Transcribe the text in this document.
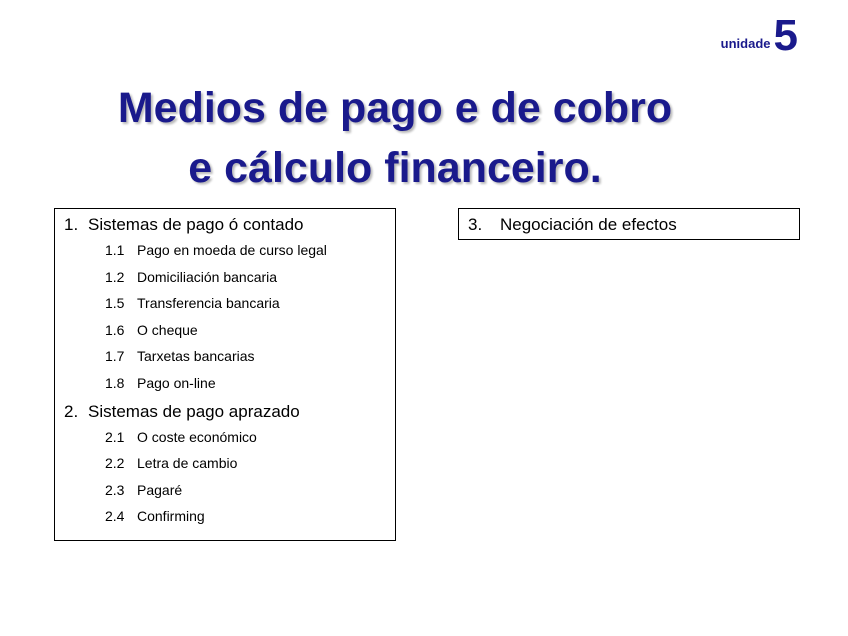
unidade 5
Medios de pago e de cobro
e cálculo financeiro.
1. Sistemas de pago ó contado
1.1 Pago en moeda de curso legal
1.2 Domiciliación bancaria
1.5 Transferencia bancaria
1.6 O cheque
1.7 Tarxetas bancarias
1.8 Pago on-line
2. Sistemas de pago aprazado
2.1 O coste económico
2.2 Letra de cambio
2.3 Pagaré
2.4 Confirming
3. Negociación de efectos
